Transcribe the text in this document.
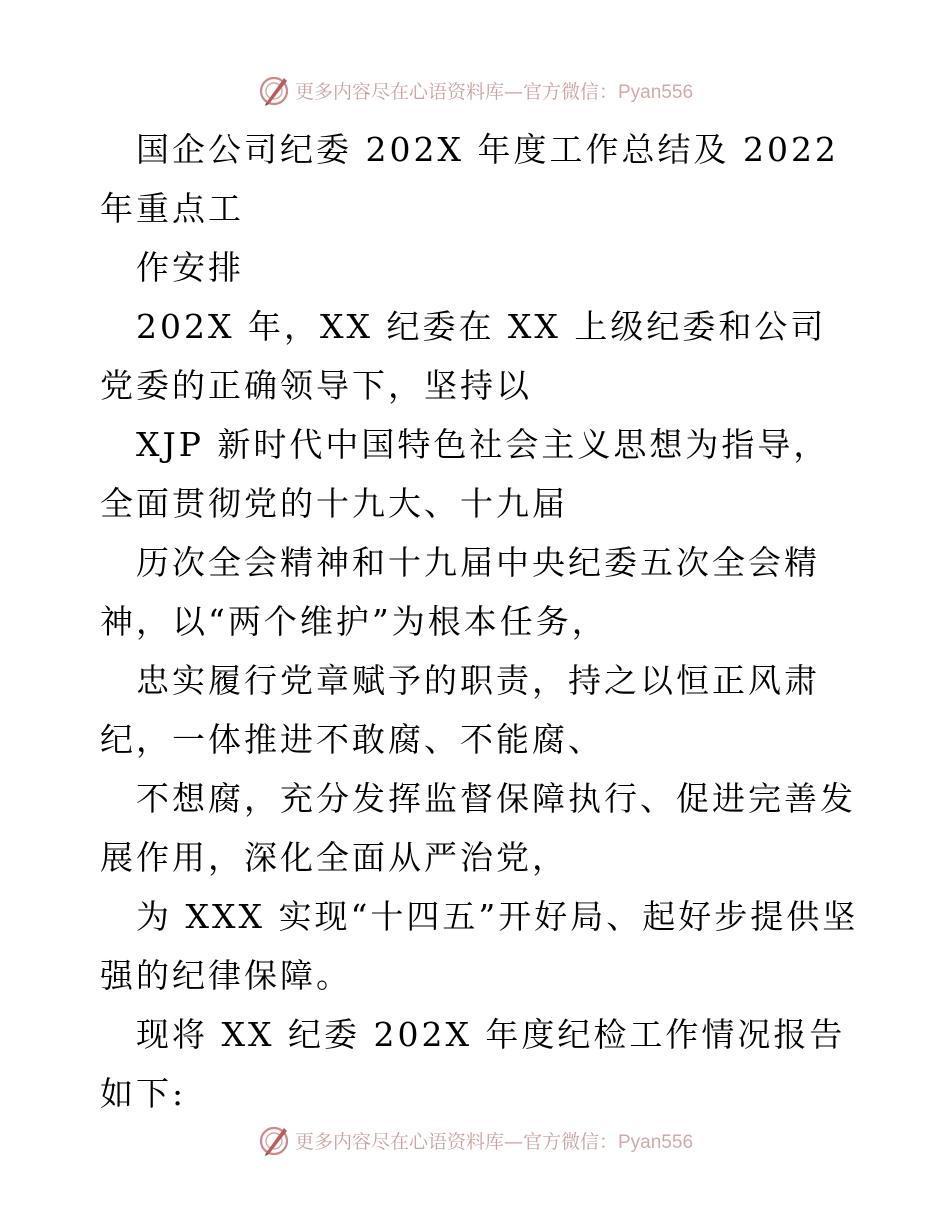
更多内容尽在心语资料库—官方微信：Pyan556

国企公司纪委 202X 年度工作总结及 2022 年重点工

作安排

202X 年，XX 纪委在 XX 上级纪委和公司党委的正确领导下，坚持以

XJP 新时代中国特色社会主义思想为指导，全面贯彻党的十九大、十九届

历次全会精神和十九届中央纪委五次全会精神，以“两个维护”为根本任务，

忠实履行党章赋予的职责，持之以恒正风肃纪，一体推进不敢腐、不能腐、

不想腐，充分发挥监督保障执行、促进完善发展作用，深化全面从严治党，

为 XXX 实现“十四五”开好局、起好步提供坚强的纪律保障。

现将 XX 纪委 202X 年度纪检工作情况报告如下:

更多内容尽在心语资料库—官方微信：Pyan556
